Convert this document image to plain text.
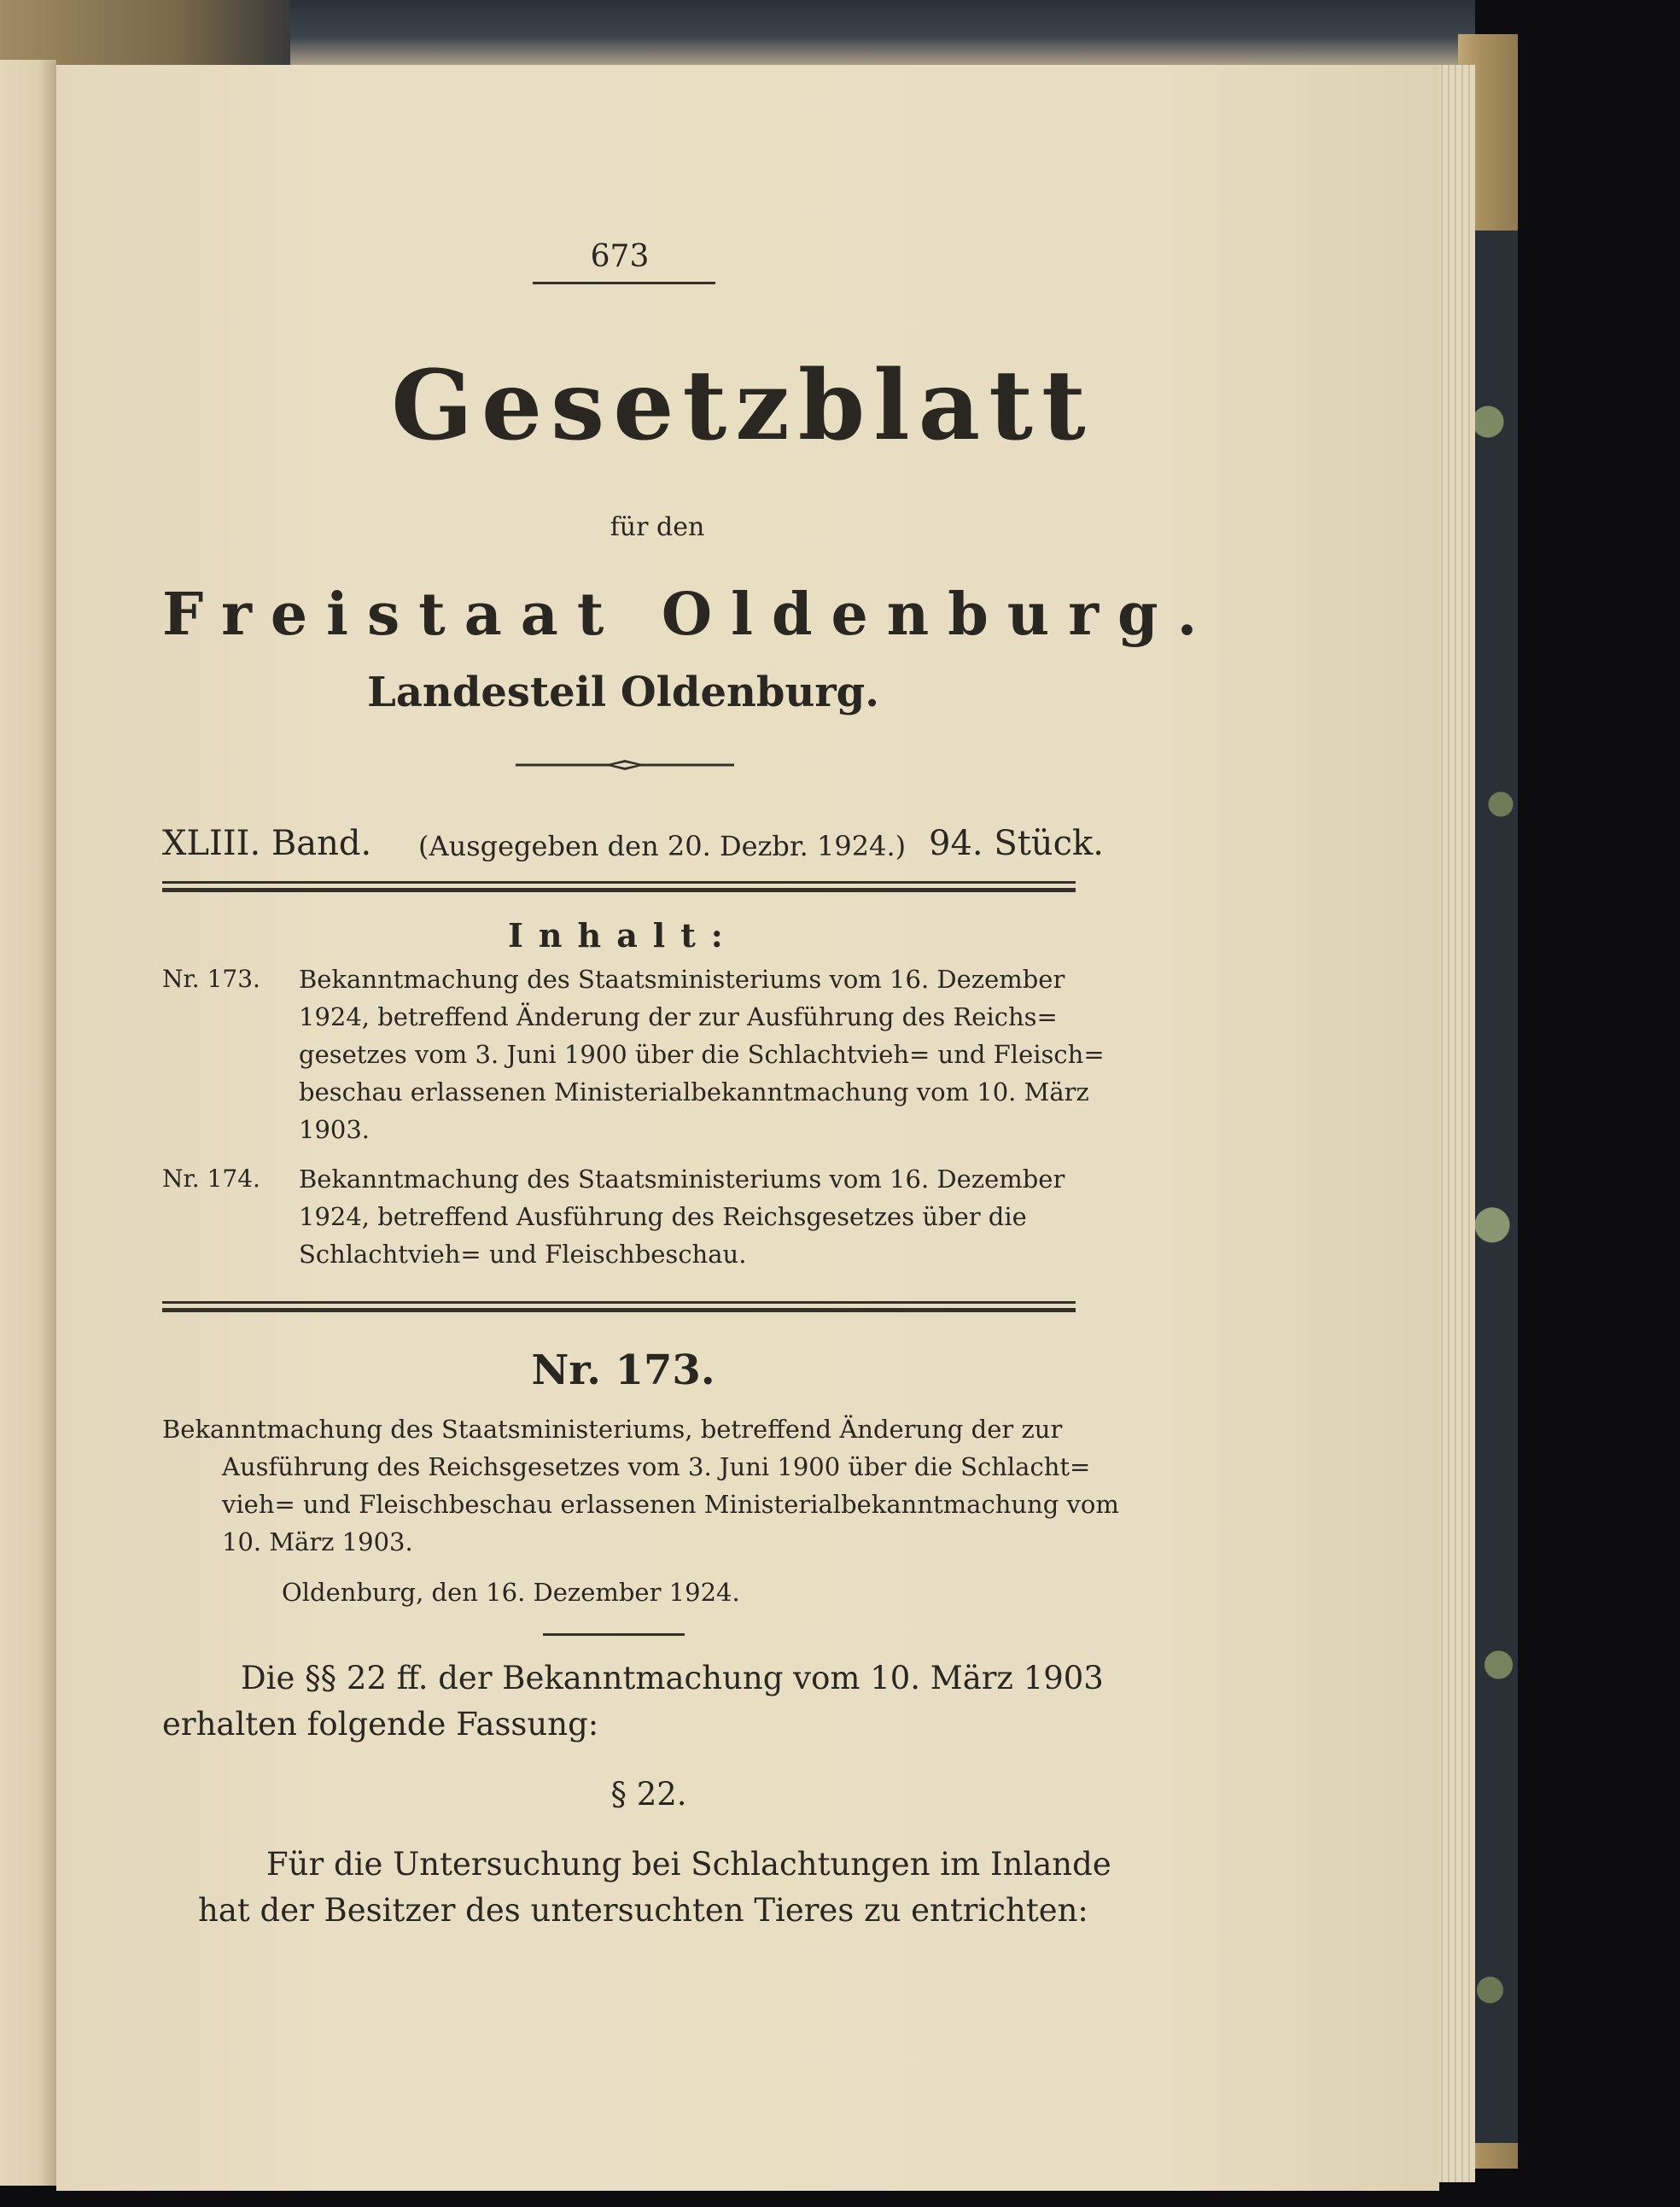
673

Gesetzblatt

für den

Freistaat Oldenburg.

Landesteil Oldenburg.

XLIII. Band. (Ausgegeben den 20. Dezbr. 1924.) 94. Stück.

Inhalt:

Nr. 173. Bekanntmachung des Staatsministeriums vom 16. Dezember

1924, betreffend Änderung der zur Ausführung des Reichs=

gesetzes vom 3. Juni 1900 über die Schlachtvieh= und Fleisch=

beschau erlassenen Ministerialbekanntmachung vom 10. März

1903.

Nr. 174. Bekanntmachung des Staatsministeriums vom 16. Dezember

1924, betreffend Ausführung des Reichsgesetzes über die

Schlachtvieh= und Fleischbeschau.

Nr. 173.

Bekanntmachung des Staatsministeriums, betreffend Änderung der zur

Ausführung des Reichsgesetzes vom 3. Juni 1900 über die Schlacht=

vieh= und Fleischbeschau erlassenen Ministerialbekanntmachung vom

10. März 1903.

Oldenburg, den 16. Dezember 1924.

Die §§ 22 ff. der Bekanntmachung vom 10. März 1903

erhalten folgende Fassung:

§ 22.

Für die Untersuchung bei Schlachtungen im Inlande

hat der Besitzer des untersuchten Tieres zu entrichten:
